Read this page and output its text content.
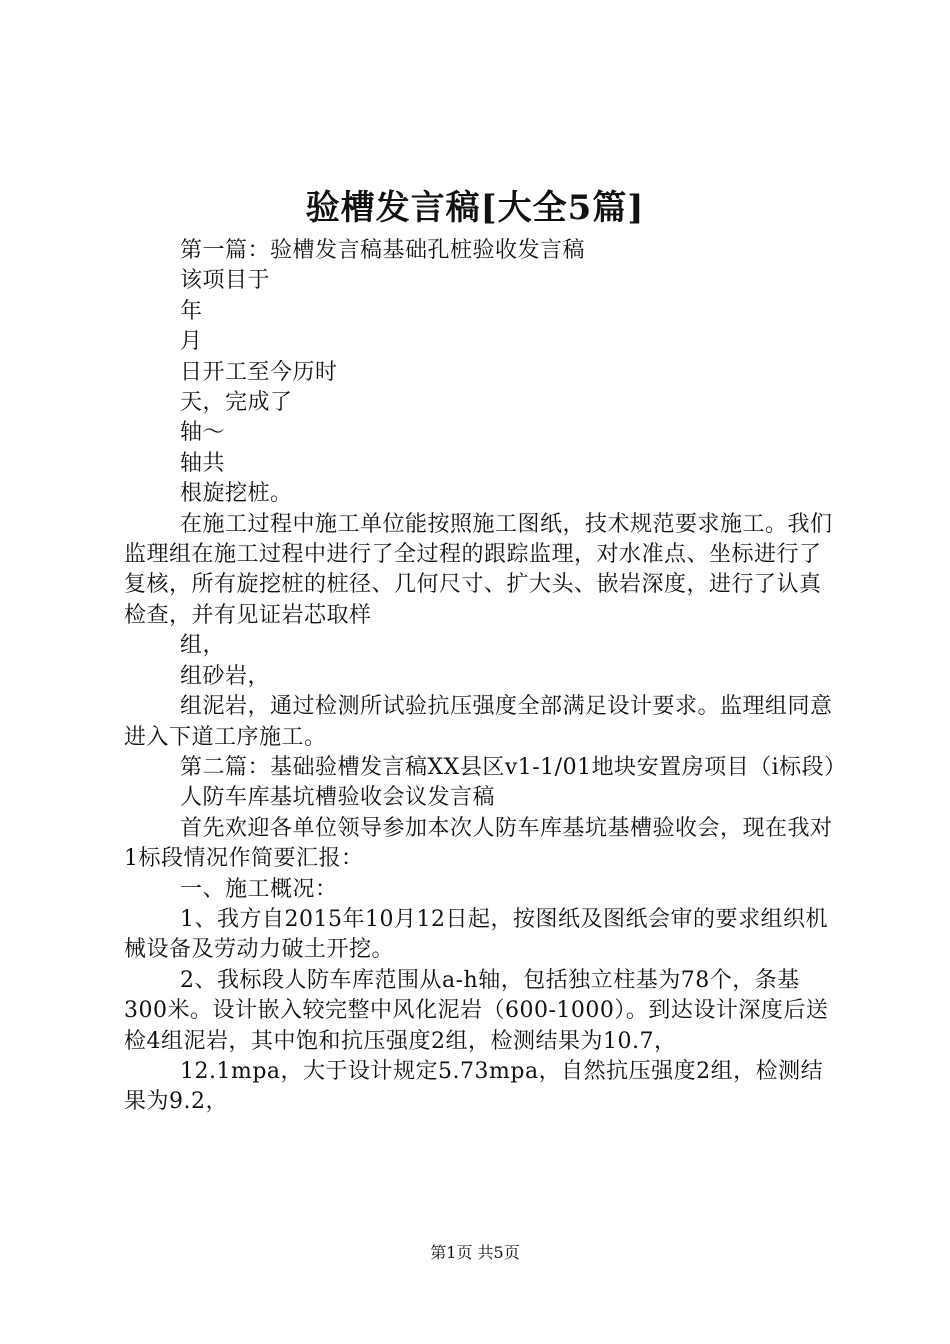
验槽发言稿[大全5篇]

第一篇：验槽发言稿基础孔桩验收发言稿

该项目于

年

月

日开工至今历时

天，完成了

轴～

轴共

根旋挖桩。

在施工过程中施工单位能按照施工图纸，技术规范要求施工。我们监理组在施工过程中进行了全过程的跟踪监理，对水准点、坐标进行了复核，所有旋挖桩的桩径、几何尺寸、扩大头、嵌岩深度，进行了认真检查，并有见证岩芯取样

组，

组砂岩，

组泥岩，通过检测所试验抗压强度全部满足设计要求。监理组同意进入下道工序施工。

第二篇：基础验槽发言稿XX县区v1-1/01地块安置房项目（i标段）

人防车库基坑槽验收会议发言稿

首先欢迎各单位领导参加本次人防车库基坑基槽验收会，现在我对1标段情况作简要汇报：

一、施工概况：

1、我方自2015年10月12日起，按图纸及图纸会审的要求组织机械设备及劳动力破土开挖。

2、我标段人防车库范围从a-h轴，包括独立柱基为78个，条基300米。设计嵌入较完整中风化泥岩（600-1000）。到达设计深度后送检4组泥岩，其中饱和抗压强度2组，检测结果为10.7，

12.1mpa，大于设计规定5.73mpa，自然抗压强度2组，检测结果为9.2，

第1页 共5页
